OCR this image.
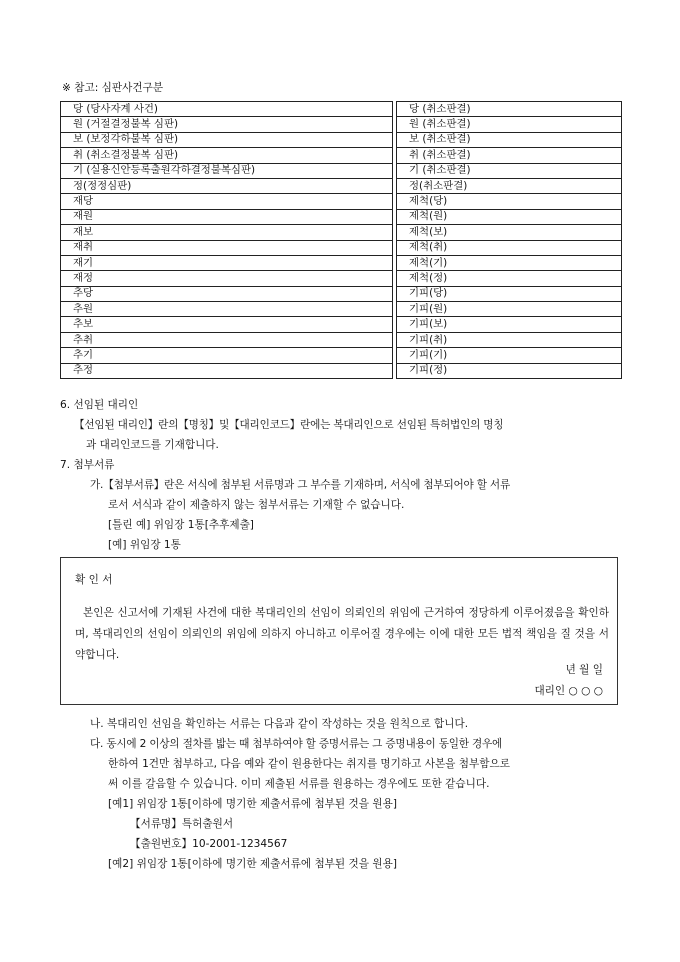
※ 참고: 심판사건구분
당 (당사자계 사건)		당 (취소판결)
원 (거절결정불복 심판)		원 (취소판결)
보 (보정각하불복 심판)		보 (취소판결)
취 (취소결정불복 심판)		취 (취소판결)
기 (실용신안등록출원각하결정불복심판)		기 (취소판결)
정(정정심판)		정(취소판결)
재당		제척(당)
재원		제척(원)
재보		제척(보)
재취		제척(취)
재기		제척(기)
재정		제척(정)
추당		기피(당)
추원		기피(원)
추보		기피(보)
추취		기피(취)
추기		기피(기)
추정		기피(정)
6. 선임된 대리인
【선임된 대리인】란의【명칭】및【대리인코드】란에는 복대리인으로 선임된 특허법인의 명칭
과 대리인코드를 기재합니다.
7. 첨부서류
가.【첨부서류】란은 서식에 첨부된 서류명과 그 부수를 기재하며, 서식에 첨부되어야 할 서류
로서 서식과 같이 제출하지 않는 첨부서류는 기재할 수 없습니다.
[틀린 예] 위임장 1통[추후제출]
[예] 위임장 1통
확 인 서
본인은 신고서에 기재된 사건에 대한 복대리인의 선임이 의뢰인의 위임에 근거하여 정당하게 이루어졌음을 확인하며, 복대리인의 선임이 의뢰인의 위임에 의하지 아니하고 이루어질 경우에는 이에 대한 모든 법적 책임을 질 것을 서약합니다.
년 월 일
대리인 ○ ○ ○
나. 복대리인 선임을 확인하는 서류는 다음과 같이 작성하는 것을 원칙으로 합니다.
다. 동시에 2 이상의 절차를 밟는 때 첨부하여야 할 증명서류는 그 증명내용이 동일한 경우에
한하여 1건만 첨부하고, 다음 예와 같이 원용한다는 취지를 명기하고 사본을 첨부함으로
써 이를 갈음할 수 있습니다. 이미 제출된 서류를 원용하는 경우에도 또한 같습니다.
[예1] 위임장 1통[이하에 명기한 제출서류에 첨부된 것을 원용]
【서류명】특허출원서
【출원번호】10-2001-1234567
[예2] 위임장 1통[이하에 명기한 제출서류에 첨부된 것을 원용]
